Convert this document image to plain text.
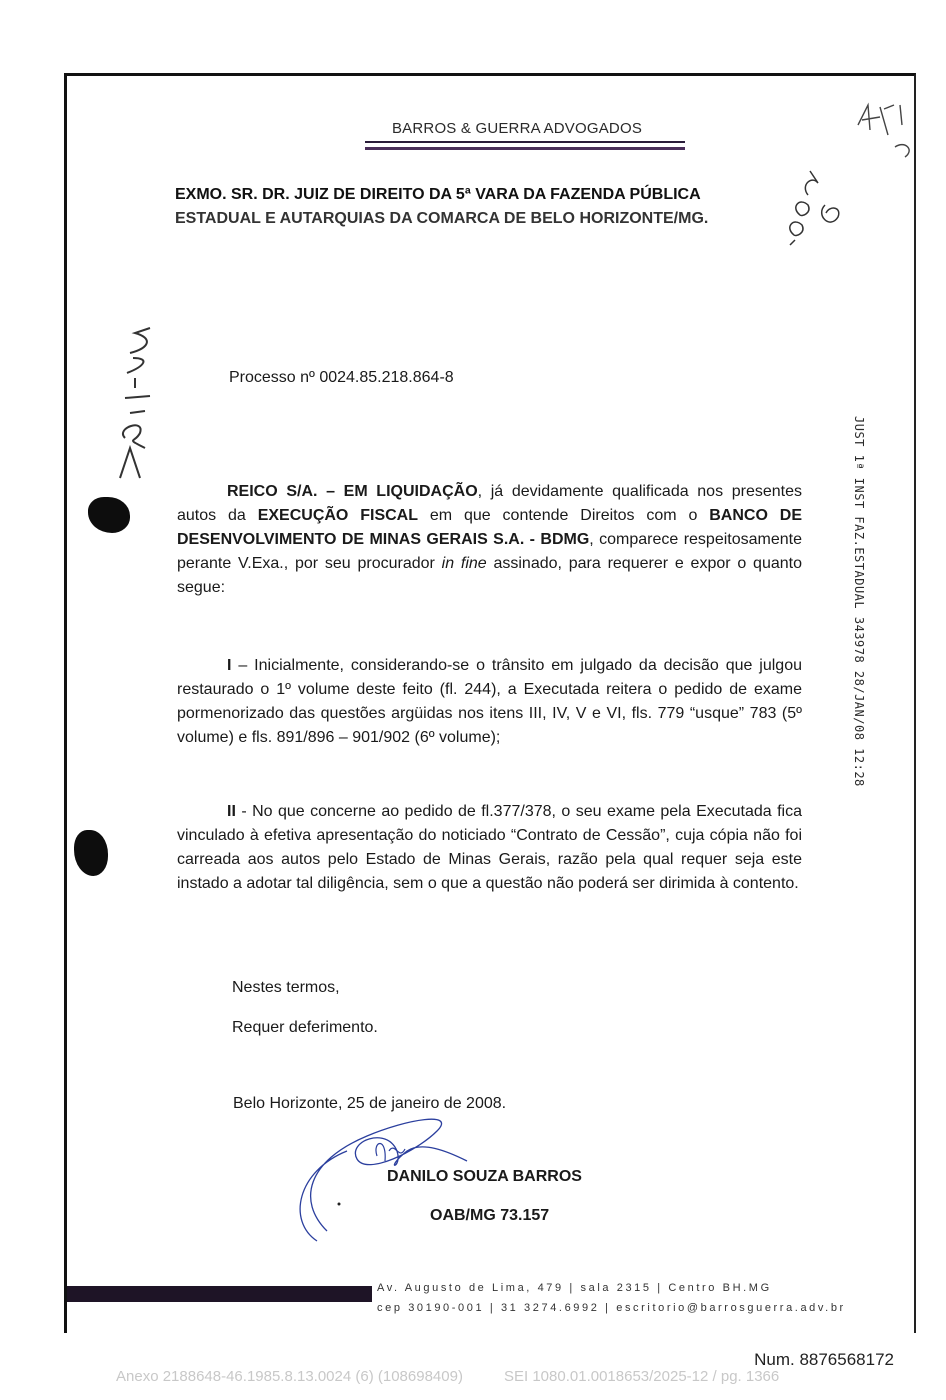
BARROS & GUERRA ADVOGADOS
EXMO. SR. DR. JUIZ DE DIREITO DA 5ª VARA DA FAZENDA PÚBLICA
ESTADUAL E AUTARQUIAS DA COMARCA DE BELO HORIZONTE/MG.
Processo nº 0024.85.218.864-8
REICO S/A. – EM LIQUIDAÇÃO, já devidamente qualificada nos presentes autos da EXECUÇÃO FISCAL em que contende Direitos com o BANCO DE DESENVOLVIMENTO DE MINAS GERAIS S.A. - BDMG, comparece respeitosamente perante V.Exa., por seu procurador in fine assinado, para requerer e expor o quanto segue:
I – Inicialmente, considerando-se o trânsito em julgado da decisão que julgou restaurado o 1º volume deste feito (fl. 244), a Executada reitera o pedido de exame pormenorizado das questões argüidas nos itens III, IV, V e VI, fls. 779 “usque” 783 (5º volume) e fls. 891/896 – 901/902 (6º volume);
II - No que concerne ao pedido de fl.377/378, o seu exame pela Executada fica vinculado à efetiva apresentação do noticiado “Contrato de Cessão”, cuja cópia não foi carreada aos autos pelo Estado de Minas Gerais, razão pela qual requer seja este instado a adotar tal diligência, sem o que a questão não poderá ser dirimida à contento.
Nestes termos,
Requer deferimento.
Belo Horizonte, 25 de janeiro de 2008.
DANILO SOUZA BARROS
OAB/MG 73.157
JUST 1ª INST FAZ.ESTADUAL 343978 28/JAN/08 12:28
Av. Augusto de Lima, 479 | sala 2315 | Centro BH.MG
cep 30190-001 | 31 3274.6992 | escritorio@barrosguerra.adv.br
Num. 8876568172
Anexo 2188648-46.1985.8.13.0024 (6) (108698409)	SEI 1080.01.0018653/2025-12 / pg. 1366
